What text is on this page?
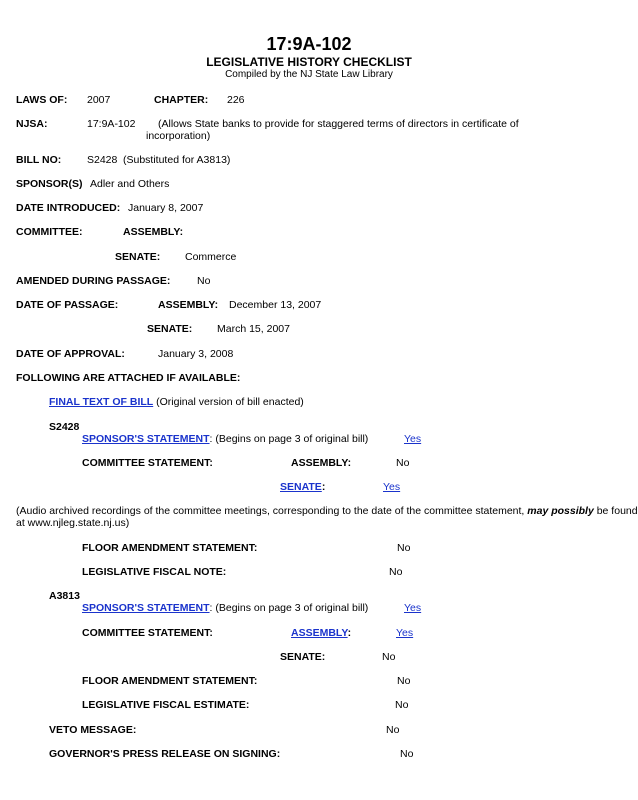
17:9A-102
LEGISLATIVE HISTORY CHECKLIST
Compiled by the NJ State Law Library
LAWS OF: 2007	CHAPTER: 226
NJSA:	17:9A-102 (Allows State banks to provide for staggered terms of directors in certificate of
incorporation)
BILL NO: S2428 (Substituted for A3813)
SPONSOR(S) Adler and Others
DATE INTRODUCED: January 8, 2007
COMMITTEE:	ASSEMBLY:
SENATE: Commerce
AMENDED DURING PASSAGE:	No
DATE OF PASSAGE:	ASSEMBLY: December 13, 2007
SENATE: March 15, 2007
DATE OF APPROVAL:	January 3, 2008
FOLLOWING ARE ATTACHED IF AVAILABLE:
FINAL TEXT OF BILL (Original version of bill enacted)
S2428
SPONSOR'S STATEMENT: (Begins on page 3 of original bill)	Yes
COMMITTEE STATEMENT:	ASSEMBLY:	No
SENATE:	Yes
(Audio archived recordings of the committee meetings, corresponding to the date of the committee statement, may possibly be found
at www.njleg.state.nj.us)
FLOOR AMENDMENT STATEMENT:	No
LEGISLATIVE FISCAL NOTE:	No
A3813
SPONSOR'S STATEMENT: (Begins on page 3 of original bill)	Yes
COMMITTEE STATEMENT:	ASSEMBLY:	Yes
SENATE:	No
FLOOR AMENDMENT STATEMENT:	No
LEGISLATIVE FISCAL ESTIMATE:	No
VETO MESSAGE:	No
GOVERNOR'S PRESS RELEASE ON SIGNING:	No
